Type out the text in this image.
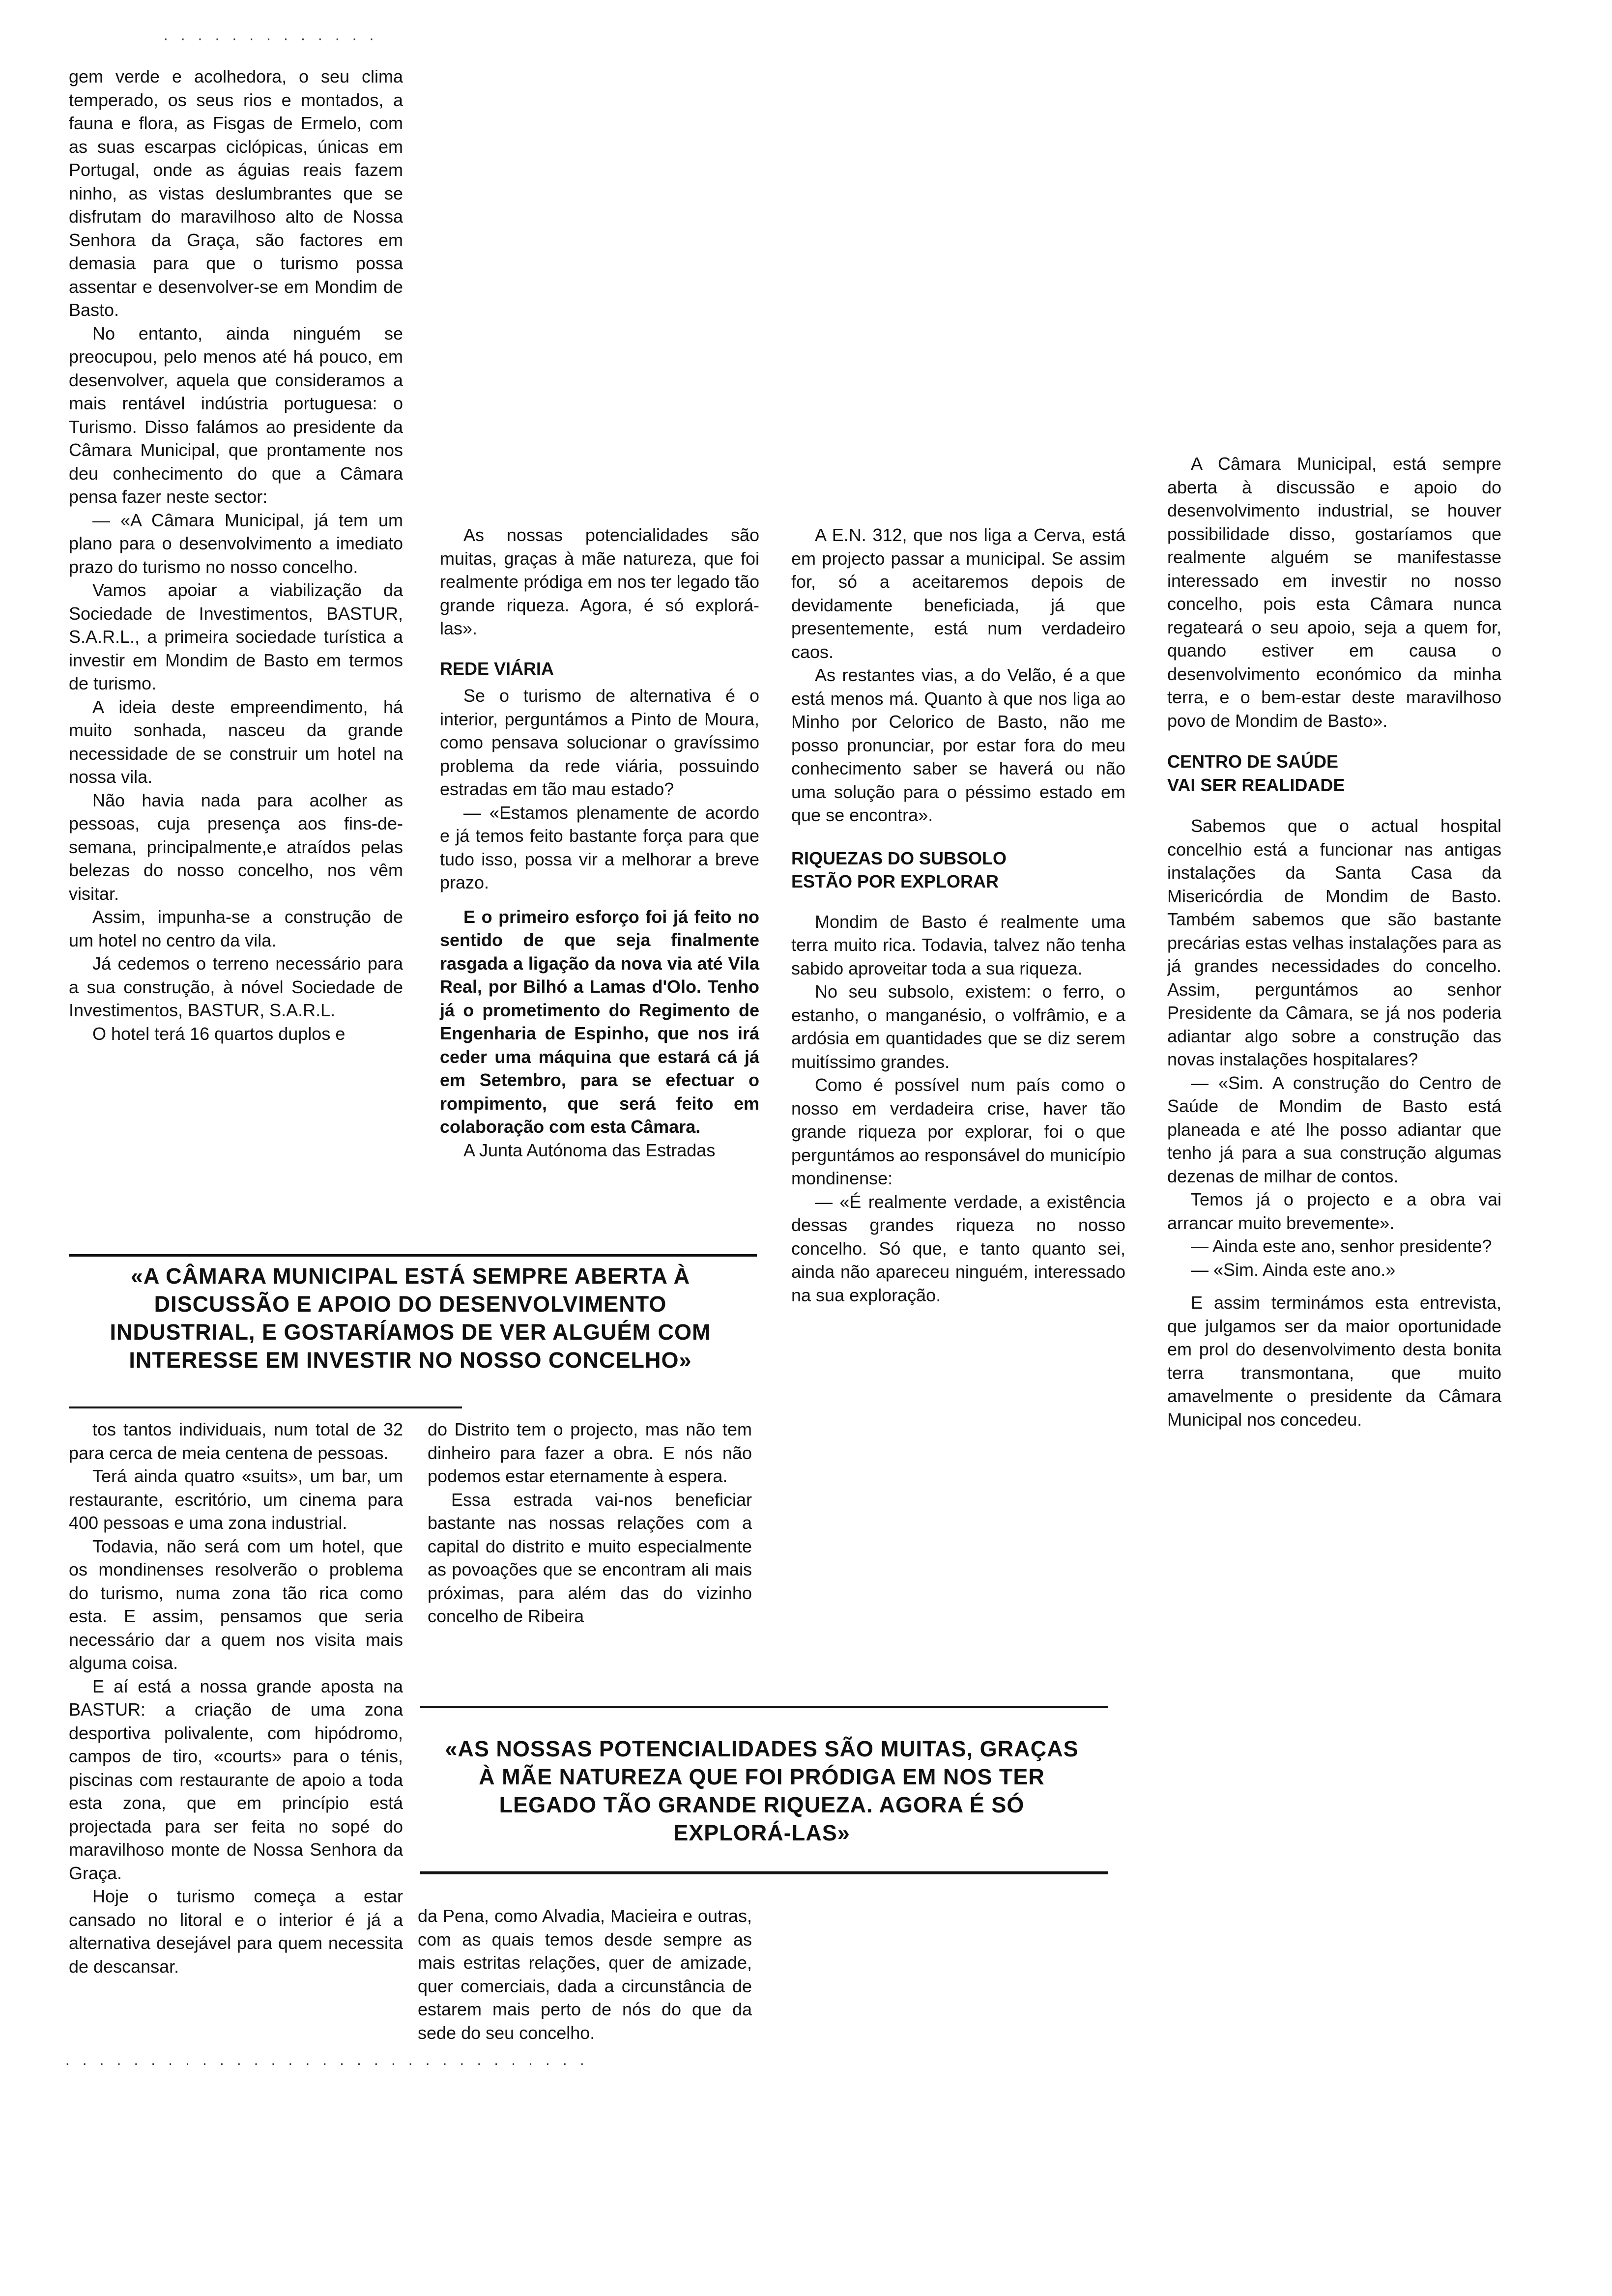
. . . . . . . . . . . . .

gem verde e acolhedora, o seu clima temperado, os seus rios e montados, a fauna e flora, as Fisgas de Ermelo, com as suas escarpas ciclópicas, únicas em Portugal, onde as águias reais fazem ninho, as vistas deslumbrantes que se disfrutam do maravilhoso alto de Nossa Senhora da Graça, são factores em demasia para que o turismo possa assentar e desenvolver-se em Mondim de Basto.

No entanto, ainda ninguém se preocupou, pelo menos até há pouco, em desenvolver, aquela que consideramos a mais rentável indústria portuguesa: o Turismo. Disso falámos ao presidente da Câmara Municipal, que prontamente nos deu conhecimento do que a Câmara pensa fazer neste sector:

— «A Câmara Municipal, já tem um plano para o desenvolvimento a imediato prazo do turismo no nosso concelho.

Vamos apoiar a viabilização da Sociedade de Investimentos, BASTUR, S.A.R.L., a primeira sociedade turística a investir em Mondim de Basto em termos de turismo.

A ideia deste empreendimento, há muito sonhada, nasceu da grande necessidade de se construir um hotel na nossa vila.

Não havia nada para acolher as pessoas, cuja presença aos fins-de-semana, principalmente,e atraídos pelas belezas do nosso concelho, nos vêm visitar.

Assim, impunha-se a construção de um hotel no centro da vila.

Já cedemos o terreno necessário para a sua construção, à nóvel Sociedade de Investimentos, BASTUR, S.A.R.L.

O hotel terá 16 quartos duplos e

As nossas potencialidades são muitas, graças à mãe natureza, que foi realmente pródiga em nos ter legado tão grande riqueza. Agora, é só explorá-las».

REDE VIÁRIA

Se o turismo de alternativa é o interior, perguntámos a Pinto de Moura, como pensava solucionar o gravíssimo problema da rede viária, possuindo estradas em tão mau estado?

— «Estamos plenamente de acordo e já temos feito bastante força para que tudo isso, possa vir a melhorar a breve prazo.

E o primeiro esforço foi já feito no sentido de que seja finalmente rasgada a ligação da nova via até Vila Real, por Bilhó a Lamas d'Olo. Tenho já o prometimento do Regimento de Engenharia de Espinho, que nos irá ceder uma máquina que estará cá já em Setembro, para se efectuar o rompimento, que será feito em colaboração com esta Câmara.

A Junta Autónoma das Estradas

A E.N. 312, que nos liga a Cerva, está em projecto passar a municipal. Se assim for, só a aceitaremos depois de devidamente beneficiada, já que presentemente, está num verdadeiro caos.

As restantes vias, a do Velão, é a que está menos má. Quanto à que nos liga ao Minho por Celorico de Basto, não me posso pronunciar, por estar fora do meu conhecimento saber se haverá ou não uma solução para o péssimo estado em que se encontra».

RIQUEZAS DO SUBSOLO

ESTÃO POR EXPLORAR

Mondim de Basto é realmente uma terra muito rica. Todavia, talvez não tenha sabido aproveitar toda a sua riqueza.

No seu subsolo, existem: o ferro, o estanho, o manganésio, o volfrâmio, e a ardósia em quantidades que se diz serem muitíssimo grandes.

Como é possível num país como o nosso em verdadeira crise, haver tão grande riqueza por explorar, foi o que perguntámos ao responsável do município mondinense:

— «É realmente verdade, a existência dessas grandes riqueza no nosso concelho. Só que, e tanto quanto sei, ainda não apareceu ninguém, interessado na sua exploração.

A Câmara Municipal, está sempre aberta à discussão e apoio do desenvolvimento industrial, se houver possibilidade disso, gostaríamos que realmente alguém se manifestasse interessado em investir no nosso concelho, pois esta Câmara nunca regateará o seu apoio, seja a quem for, quando estiver em causa o desenvolvimento económico da minha terra, e o bem-estar deste maravilhoso povo de Mondim de Basto».

CENTRO DE SAÚDE

VAI SER REALIDADE

Sabemos que o actual hospital concelhio está a funcionar nas antigas instalações da Santa Casa da Misericórdia de Mondim de Basto. Também sabemos que são bastante precárias estas velhas instalações para as já grandes necessidades do concelho. Assim, perguntámos ao senhor Presidente da Câmara, se já nos poderia adiantar algo sobre a construção das novas instalações hospitalares?

— «Sim. A construção do Centro de Saúde de Mondim de Basto está planeada e até lhe posso adiantar que tenho já para a sua construção algumas dezenas de milhar de contos.

Temos já o projecto e a obra vai arrancar muito brevemente».

— Ainda este ano, senhor presidente?

— «Sim. Ainda este ano.»

E assim terminámos esta entrevista, que julgamos ser da maior oportunidade em prol do desenvolvimento desta bonita terra transmontana, que muito amavelmente o presidente da Câmara Municipal nos concedeu.

«A CÂMARA MUNICIPAL ESTÁ SEMPRE ABERTA À DISCUSSÃO E APOIO DO DESENVOLVIMENTO INDUSTRIAL, E GOSTARÍAMOS DE VER ALGUÉM COM INTERESSE EM INVESTIR NO NOSSO CONCELHO»

tos tantos individuais, num total de 32 para cerca de meia centena de pessoas.

Terá ainda quatro «suits», um bar, um restaurante, escritório, um cinema para 400 pessoas e uma zona industrial.

Todavia, não será com um hotel, que os mondinenses resolverão o problema do turismo, numa zona tão rica como esta. E assim, pensamos que seria necessário dar a quem nos visita mais alguma coisa.

E aí está a nossa grande aposta na BASTUR: a criação de uma zona desportiva polivalente, com hipódromo, campos de tiro, «courts» para o ténis, piscinas com restaurante de apoio a toda esta zona, que em princípio está projectada para ser feita no sopé do maravilhoso monte de Nossa Senhora da Graça.

Hoje o turismo começa a estar cansado no litoral e o interior é já a alternativa desejável para quem necessita de descansar.

do Distrito tem o projecto, mas não tem dinheiro para fazer a obra. E nós não podemos estar eternamente à espera.

Essa estrada vai-nos beneficiar bastante nas nossas relações com a capital do distrito e muito especialmente as povoações que se encontram ali mais próximas, para além das do vizinho concelho de Ribeira

«AS NOSSAS POTENCIALIDADES SÃO MUITAS, GRAÇAS À MÃE NATUREZA QUE FOI PRÓDIGA EM NOS TER LEGADO TÃO GRANDE RIQUEZA. AGORA É SÓ EXPLORÁ-LAS»

da Pena, como Alvadia, Macieira e outras, com as quais temos desde sempre as mais estritas relações, quer de amizade, quer comerciais, dada a circunstância de estarem mais perto de nós do que da sede do seu concelho.

. . . . . . . . . . . . . . . . . . . . . . . . . . . . . . .
